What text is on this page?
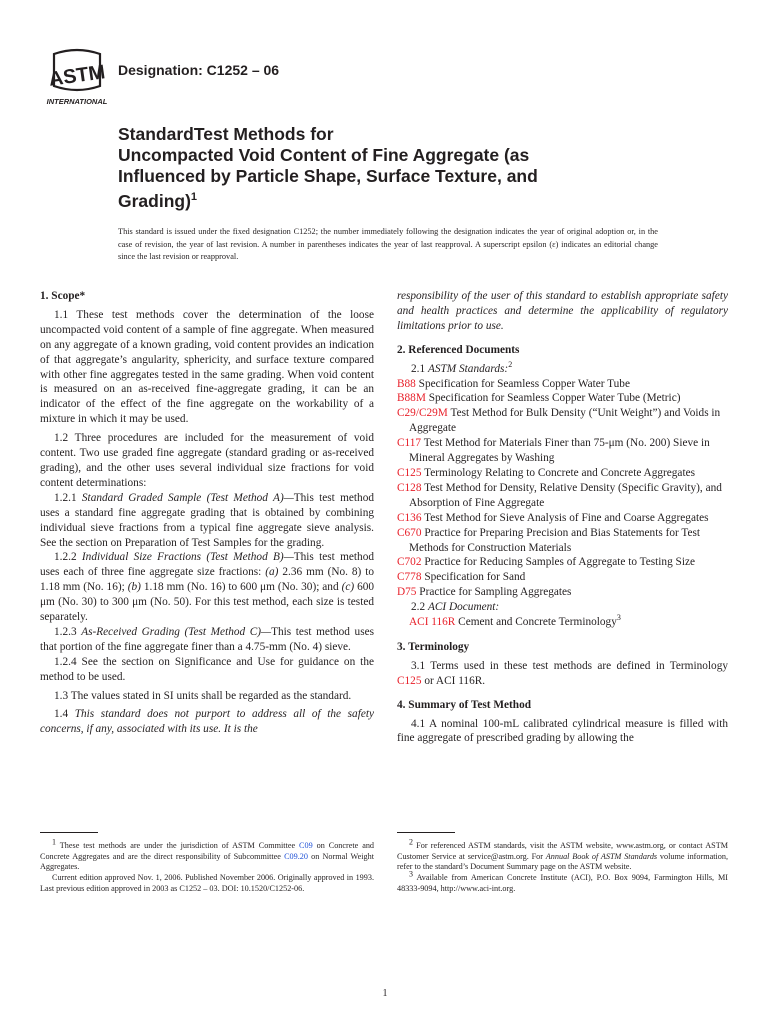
ASTM
INTERNATIONAL
Designation: C1252 – 06
StandardTest Methods for
Uncompacted Void Content of Fine Aggregate (as
Influenced by Particle Shape, Surface Texture, and
Grading)$^1$
This standard is issued under the fixed designation C1252; the number immediately following the designation indicates the year of original adoption or, in the case of revision, the year of last revision. A number in parentheses indicates the year of last reapproval. A superscript epsilon (ε) indicates an editorial change since the last revision or reapproval.

1. Scope*

1.1 These test methods cover the determination of the loose uncompacted void content of a sample of fine aggregate. When measured on any aggregate of a known grading, void content provides an indication of that aggregate’s angularity, sphericity, and surface texture compared with other fine aggregates tested in the same grading. When void content is measured on an as-received fine-aggregate grading, it can be an indicator of the effect of the fine aggregate on the workability of a mixture in which it may be used.

1.2 Three procedures are included for the measurement of void content. Two use graded fine aggregate (standard grading or as-received grading), and the other uses several individual size fractions for void content determinations:

1.2.1 Standard Graded Sample (Test Method A)—This test method uses a standard fine aggregate grading that is obtained by combining individual sieve fractions from a typical fine aggregate sieve analysis. See the section on Preparation of Test Samples for the grading.

1.2.2 Individual Size Fractions (Test Method B)—This test method uses each of three fine aggregate size fractions: (a) 2.36 mm (No. 8) to 1.18 mm (No. 16); (b) 1.18 mm (No. 16) to 600 μm (No. 30); and (c) 600 μm (No. 30) to 300 μm (No. 50). For this test method, each size is tested separately.

1.2.3 As-Received Grading (Test Method C)—This test method uses that portion of the fine aggregate finer than a 4.75-mm (No. 4) sieve.

1.2.4 See the section on Significance and Use for guidance on the method to be used.

1.3 The values stated in SI units shall be regarded as the standard.

1.4 This standard does not purport to address all of the safety concerns, if any, associated with its use. It is the

responsibility of the user of this standard to establish appropriate safety and health practices and determine the applicability of regulatory limitations prior to use.

2. Referenced Documents

2.1 ASTM Standards:$^2$

B88 Specification for Seamless Copper Water Tube
B88M Specification for Seamless Copper Water Tube (Metric)
C29/C29M Test Method for Bulk Density (“Unit Weight”) and Voids in Aggregate
C117 Test Method for Materials Finer than 75-μm (No. 200) Sieve in Mineral Aggregates by Washing
C125 Terminology Relating to Concrete and Concrete Aggregates
C128 Test Method for Density, Relative Density (Specific Gravity), and Absorption of Fine Aggregate
C136 Test Method for Sieve Analysis of Fine and Coarse Aggregates
C670 Practice for Preparing Precision and Bias Statements for Test Methods for Construction Materials
C702 Practice for Reducing Samples of Aggregate to Testing Size
C778 Specification for Sand
D75 Practice for Sampling Aggregates

2.2 ACI Document:

ACI 116R Cement and Concrete Terminology$^3$

3. Terminology

3.1 Terms used in these test methods are defined in Terminology C125 or ACI 116R.

4. Summary of Test Method

4.1 A nominal 100-mL calibrated cylindrical measure is filled with fine aggregate of prescribed grading by allowing the

1 These test methods are under the jurisdiction of ASTM Committee C09 on Concrete and Concrete Aggregates and are the direct responsibility of Subcommittee C09.20 on Normal Weight Aggregates.

Current edition approved Nov. 1, 2006. Published November 2006. Originally approved in 1993. Last previous edition approved in 2003 as C1252 – 03. DOI: 10.1520/C1252-06.

2 For referenced ASTM standards, visit the ASTM website, www.astm.org, or contact ASTM Customer Service at service@astm.org. For Annual Book of ASTM Standards volume information, refer to the standard’s Document Summary page on the ASTM website.

3 Available from American Concrete Institute (ACI), P.O. Box 9094, Farmington Hills, MI 48333-9094, http://www.aci-int.org.

1
